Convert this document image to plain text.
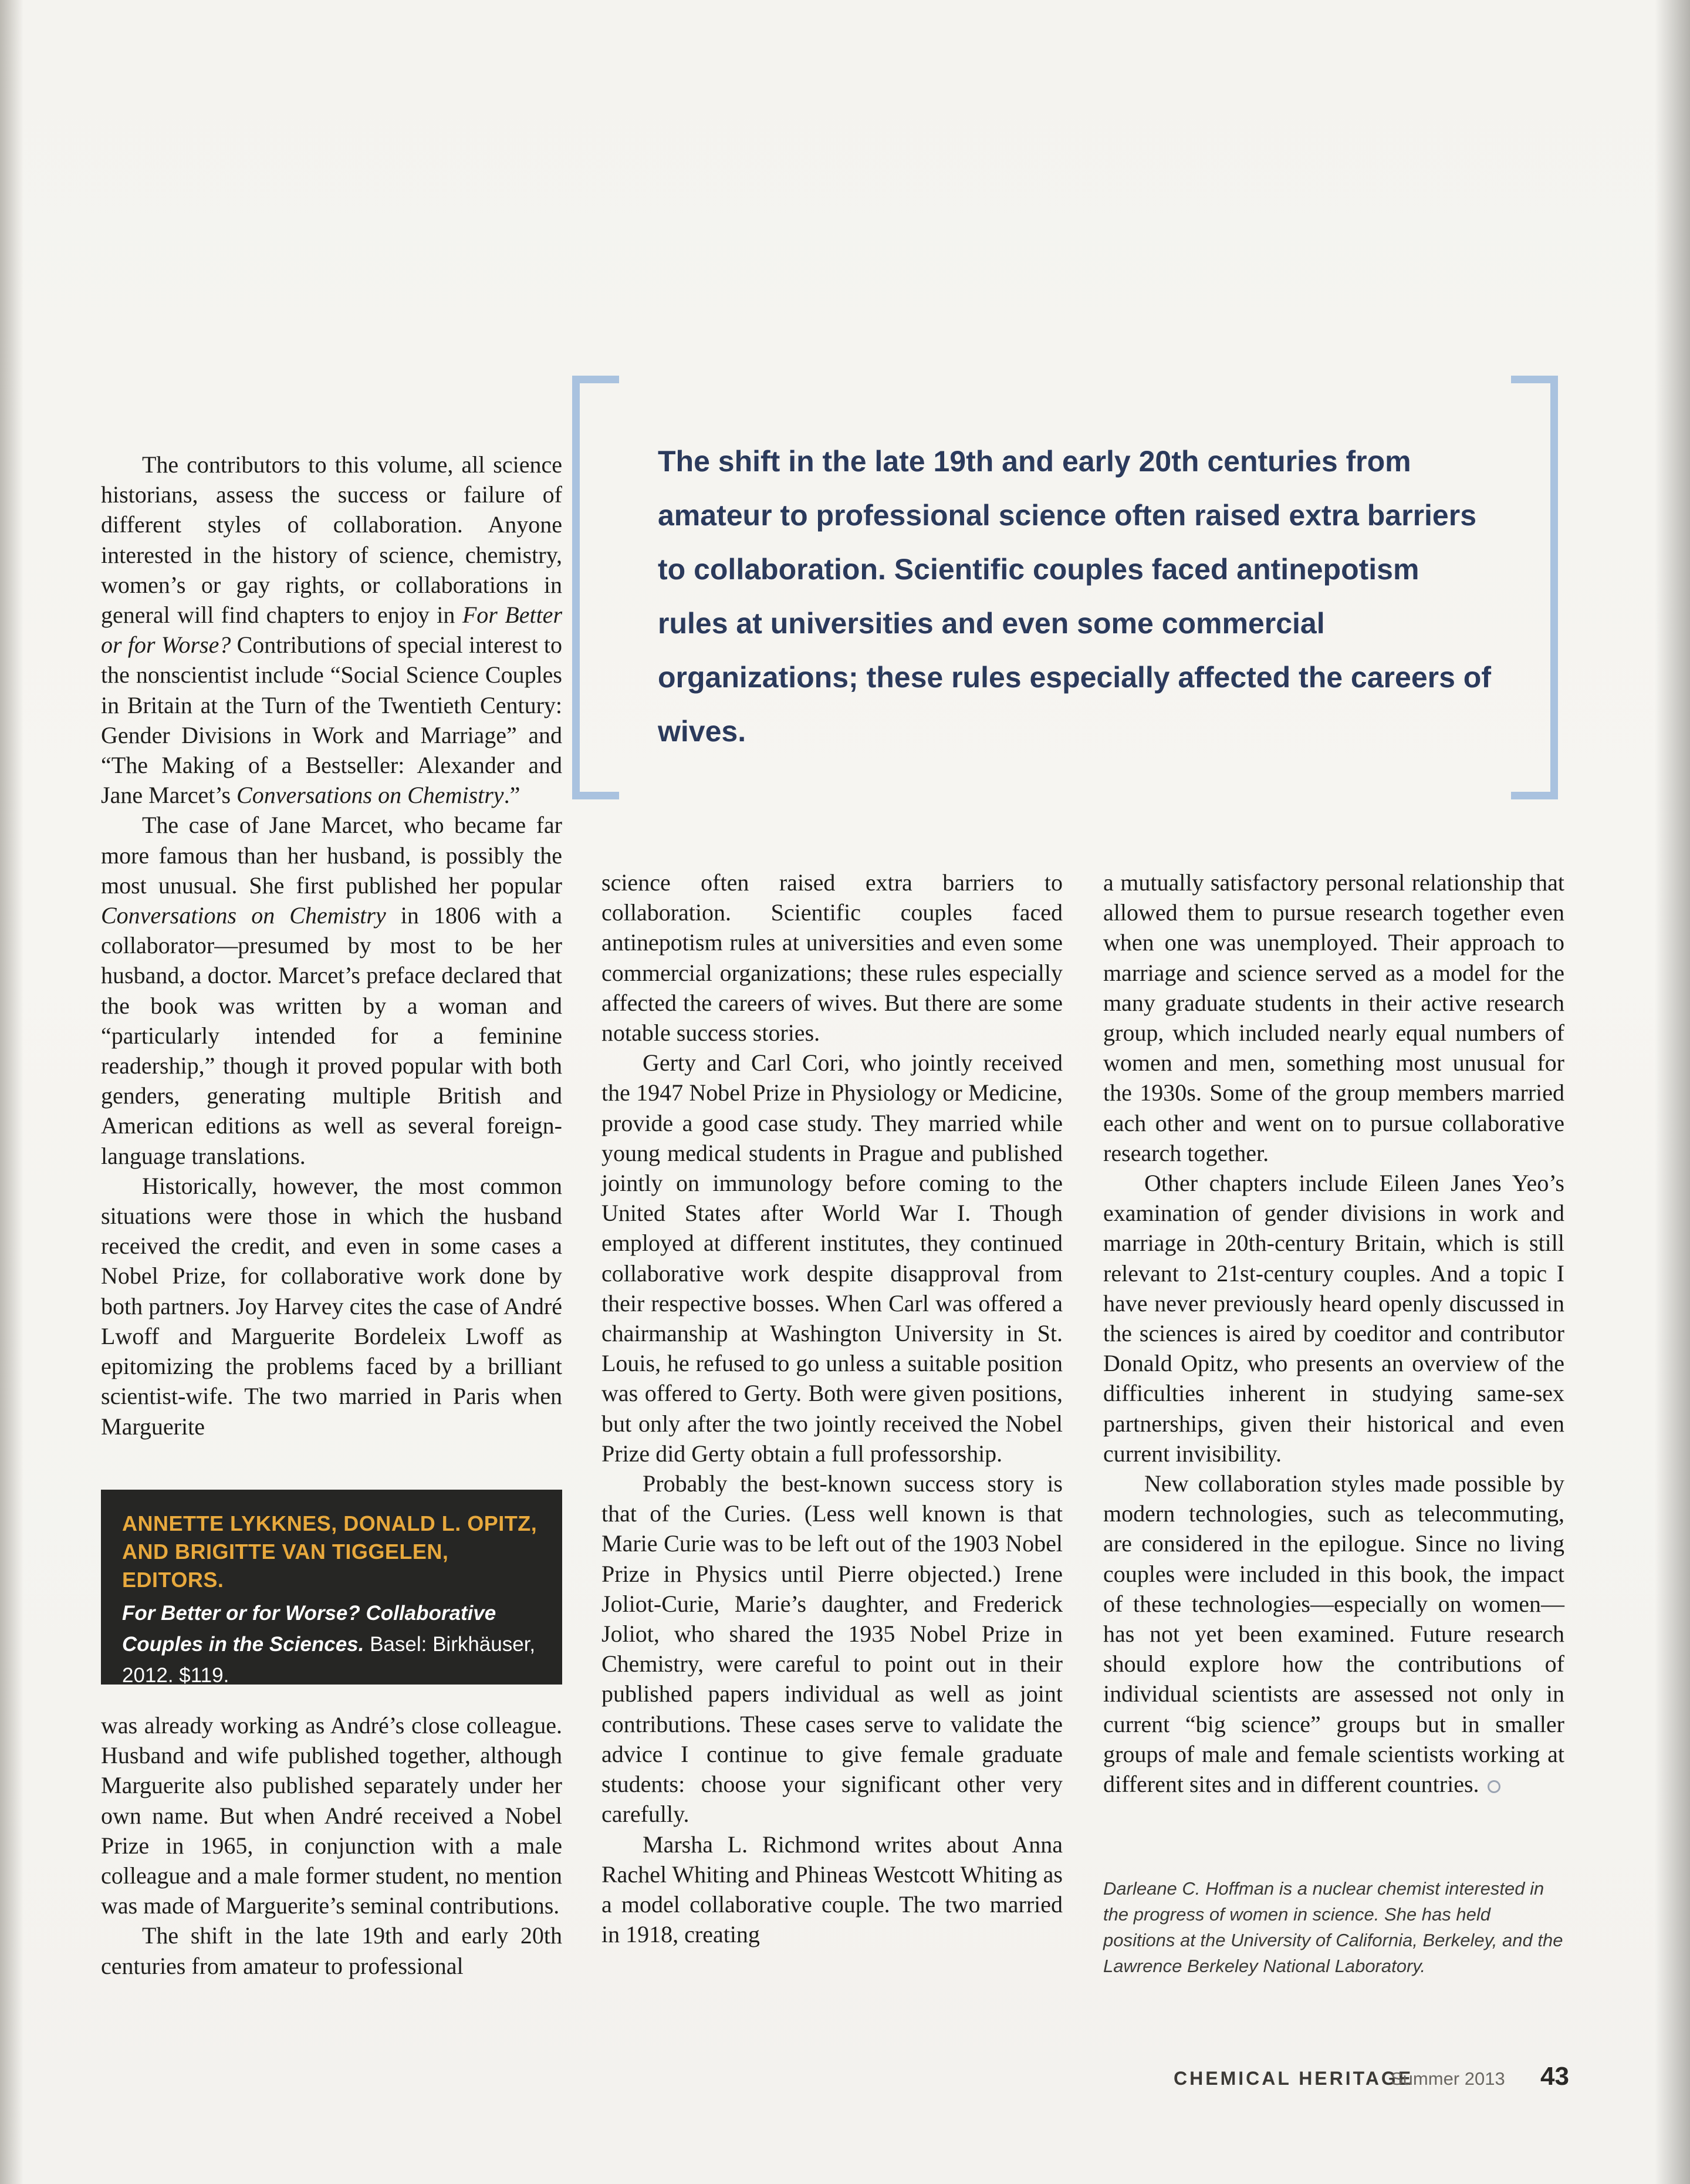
The shift in the late 19th and early 20th centuries from amateur to professional science often raised extra barriers to collaboration. Scientific couples faced antinepotism rules at universities and even some commercial organizations; these rules especially affected the careers of wives.

The contributors to this volume, all science historians, assess the success or failure of different styles of collaboration. Anyone interested in the history of science, chemistry, women’s or gay rights, or collaborations in general will find chapters to enjoy in For Better or for Worse? Contributions of special interest to the nonscientist include “Social Science Couples in Britain at the Turn of the Twentieth Century: Gender Divisions in Work and Marriage” and “The Making of a Bestseller: Alexander and Jane Marcet’s Conversations on Chemistry.”

The case of Jane Marcet, who became far more famous than her husband, is possibly the most unusual. She first published her popular Conversations on Chemistry in 1806 with a collaborator—presumed by most to be her husband, a doctor. Marcet’s preface declared that the book was written by a woman and “particularly intended for a feminine readership,” though it proved popular with both genders, generating multiple British and American editions as well as several foreign-language translations.

Historically, however, the most common situations were those in which the husband received the credit, and even in some cases a Nobel Prize, for collaborative work done by both partners. Joy Harvey cites the case of André Lwoff and Marguerite Bordeleix Lwoff as epitomizing the problems faced by a brilliant scientist-wife. The two married in Paris when Marguerite

ANNETTE LYKKNES, DONALD L. OPITZ, AND BRIGITTE VAN TIGGELEN, EDITORS.

For Better or for Worse? Collaborative Couples in the Sciences. Basel: Birkhäuser, 2012. $119.

was already working as André’s close colleague. Husband and wife published together, although Marguerite also published separately under her own name. But when André received a Nobel Prize in 1965, in conjunction with a male colleague and a male former student, no mention was made of Marguerite’s seminal contributions.

The shift in the late 19th and early 20th centuries from amateur to professional

science often raised extra barriers to collaboration. Scientific couples faced antinepotism rules at universities and even some commercial organizations; these rules especially affected the careers of wives. But there are some notable success stories.

Gerty and Carl Cori, who jointly received the 1947 Nobel Prize in Physiology or Medicine, provide a good case study. They married while young medical students in Prague and published jointly on immunology before coming to the United States after World War I. Though employed at different institutes, they continued collaborative work despite disapproval from their respective bosses. When Carl was offered a chairmanship at Washington University in St. Louis, he refused to go unless a suitable position was offered to Gerty. Both were given positions, but only after the two jointly received the Nobel Prize did Gerty obtain a full professorship.

Probably the best-known success story is that of the Curies. (Less well known is that Marie Curie was to be left out of the 1903 Nobel Prize in Physics until Pierre objected.) Irene Joliot-Curie, Marie’s daughter, and Frederick Joliot, who shared the 1935 Nobel Prize in Chemistry, were careful to point out in their published papers individual as well as joint contributions. These cases serve to validate the advice I continue to give female graduate students: choose your significant other very carefully.

Marsha L. Richmond writes about Anna Rachel Whiting and Phineas Westcott Whiting as a model collaborative couple. The two married in 1918, creating

a mutually satisfactory personal relationship that allowed them to pursue research together even when one was unemployed. Their approach to marriage and science served as a model for the many graduate students in their active research group, which included nearly equal numbers of women and men, something most unusual for the 1930s. Some of the group members married each other and went on to pursue collaborative research together.

Other chapters include Eileen Janes Yeo’s examination of gender divisions in work and marriage in 20th-century Britain, which is still relevant to 21st-century couples. And a topic I have never previously heard openly discussed in the sciences is aired by coeditor and contributor Donald Opitz, who presents an overview of the difficulties inherent in studying same-sex partnerships, given their historical and even current invisibility.

New collaboration styles made possible by modern technologies, such as telecommuting, are considered in the epilogue. Since no living couples were included in this book, the impact of these technologies—especially on women—has not yet been examined. Future research should explore how the contributions of individual scientists are assessed not only in current “big science” groups but in smaller groups of male and female scientists working at different sites and in different countries.

Darleane C. Hoffman is a nuclear chemist interested in the progress of women in science. She has held positions at the University of California, Berkeley, and the Lawrence Berkeley National Laboratory.

CHEMICAL HERITAGE
Summer 2013 43
